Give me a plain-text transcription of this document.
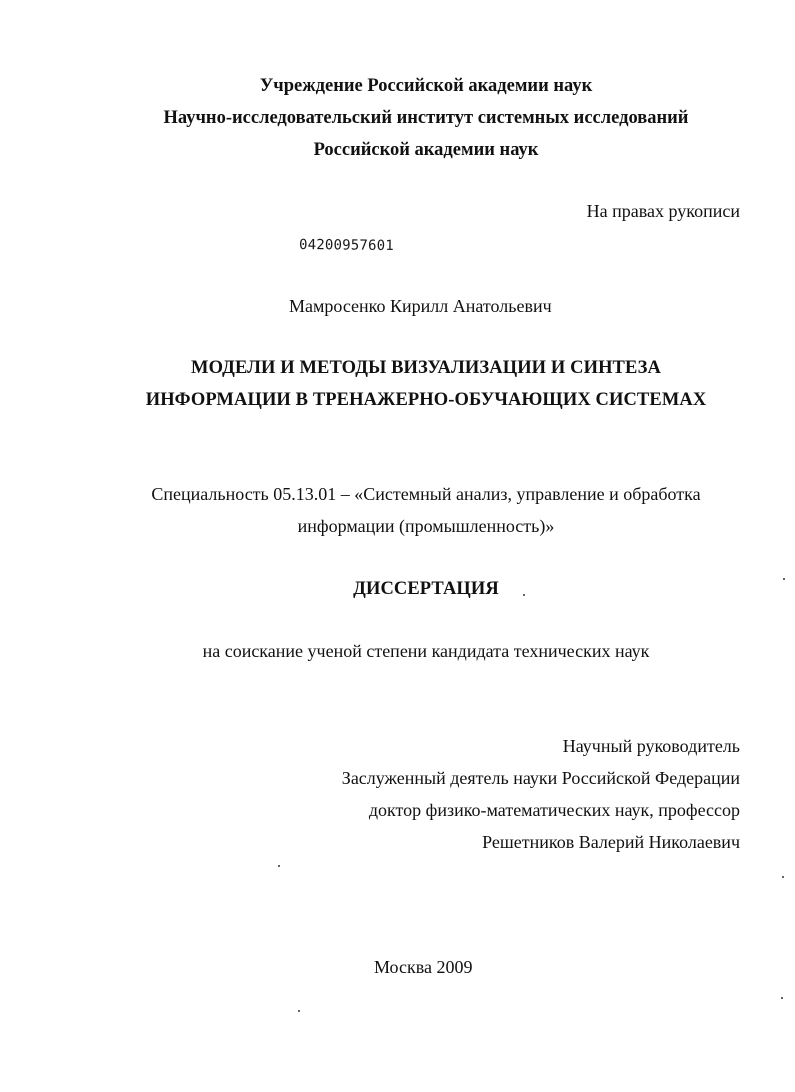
Учреждение Российской академии наук
Научно-исследовательский институт системных исследований
Российской академии наук
На правах рукописи
04200957601
Мамросенко Кирилл Анатольевич
МОДЕЛИ И МЕТОДЫ ВИЗУАЛИЗАЦИИ И СИНТЕЗА
ИНФОРМАЦИИ В ТРЕНАЖЕРНО-ОБУЧАЮЩИХ СИСТЕМАХ
Специальность 05.13.01 – «Системный анализ, управление и обработка
информации (промышленность)»
ДИССЕРТАЦИЯ
на соискание ученой степени кандидата технических наук
Научный руководитель
Заслуженный деятель науки Российской Федерации
доктор физико-математических наук, профессор
Решетников Валерий Николаевич
Москва 2009
